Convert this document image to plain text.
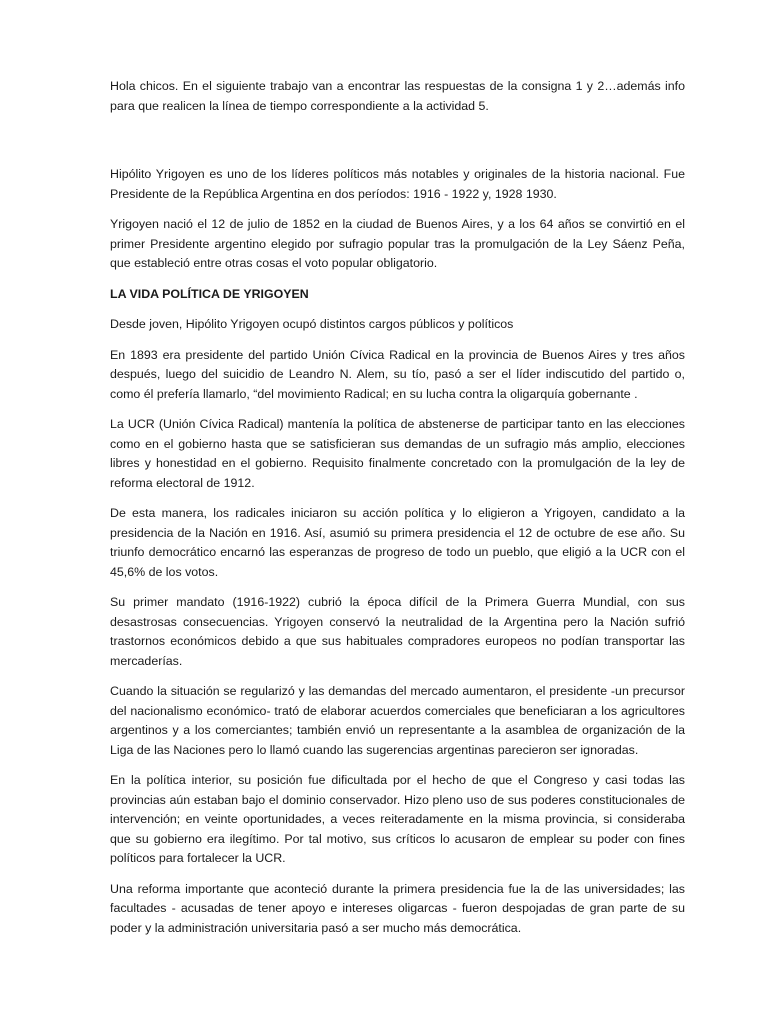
Hola chicos. En el siguiente trabajo van a encontrar las respuestas de la consigna 1 y 2…además info para que realicen la línea de tiempo correspondiente a la actividad 5.

Hipólito Yrigoyen es uno de los líderes políticos más notables y originales de la historia nacional. Fue Presidente de la República Argentina en dos períodos: 1916 - 1922 y, 1928 1930.

Yrigoyen nació el 12 de julio de 1852 en la ciudad de Buenos Aires, y a los 64 años se convirtió en el primer Presidente argentino elegido por sufragio popular tras la promulgación de la Ley Sáenz Peña, que estableció entre otras cosas el voto popular obligatorio.

LA VIDA POLÍTICA DE YRIGOYEN

Desde joven, Hipólito Yrigoyen ocupó distintos cargos públicos y políticos

En 1893 era presidente del partido Unión Cívica Radical en la provincia de Buenos Aires y tres años después, luego del suicidio de Leandro N. Alem, su tío, pasó a ser el líder indiscutido del partido o, como él prefería llamarlo, “del movimiento Radical; en su lucha contra la oligarquía gobernante .

La UCR (Unión Cívica Radical) mantenía la política de abstenerse de participar tanto en las elecciones como en el gobierno hasta que se satisficieran sus demandas de un sufragio más amplio, elecciones libres y honestidad en el gobierno. Requisito finalmente concretado con la promulgación de la ley de reforma electoral de 1912.

De esta manera, los radicales iniciaron su acción política y lo eligieron a Yrigoyen, candidato a la presidencia de la Nación en 1916. Así, asumió su primera presidencia el 12 de octubre de ese año. Su triunfo democrático encarnó las esperanzas de progreso de todo un pueblo, que eligió a la UCR con el 45,6% de los votos.

Su primer mandato (1916-1922) cubrió la época difícil de la Primera Guerra Mundial, con sus desastrosas consecuencias. Yrigoyen conservó la neutralidad de la Argentina pero la Nación sufrió trastornos económicos debido a que sus habituales compradores europeos no podían transportar las mercaderías.

Cuando la situación se regularizó y las demandas del mercado aumentaron, el presidente -un precursor del nacionalismo económico- trató de elaborar acuerdos comerciales que beneficiaran a los agricultores argentinos y a los comerciantes; también envió un representante a la asamblea de organización de la Liga de las Naciones pero lo llamó cuando las sugerencias argentinas parecieron ser ignoradas.

En la política interior, su posición fue dificultada por el hecho de que el Congreso y casi todas las provincias aún estaban bajo el dominio conservador. Hizo pleno uso de sus poderes constitucionales de intervención; en veinte oportunidades, a veces reiteradamente en la misma provincia, si consideraba que su gobierno era ilegítimo. Por tal motivo, sus críticos lo acusaron de emplear su poder con fines políticos para fortalecer la UCR.

Una reforma importante que aconteció durante la primera presidencia fue la de las universidades; las facultades - acusadas de tener apoyo e intereses oligarcas - fueron despojadas de gran parte de su poder y la administración universitaria pasó a ser mucho más democrática.
